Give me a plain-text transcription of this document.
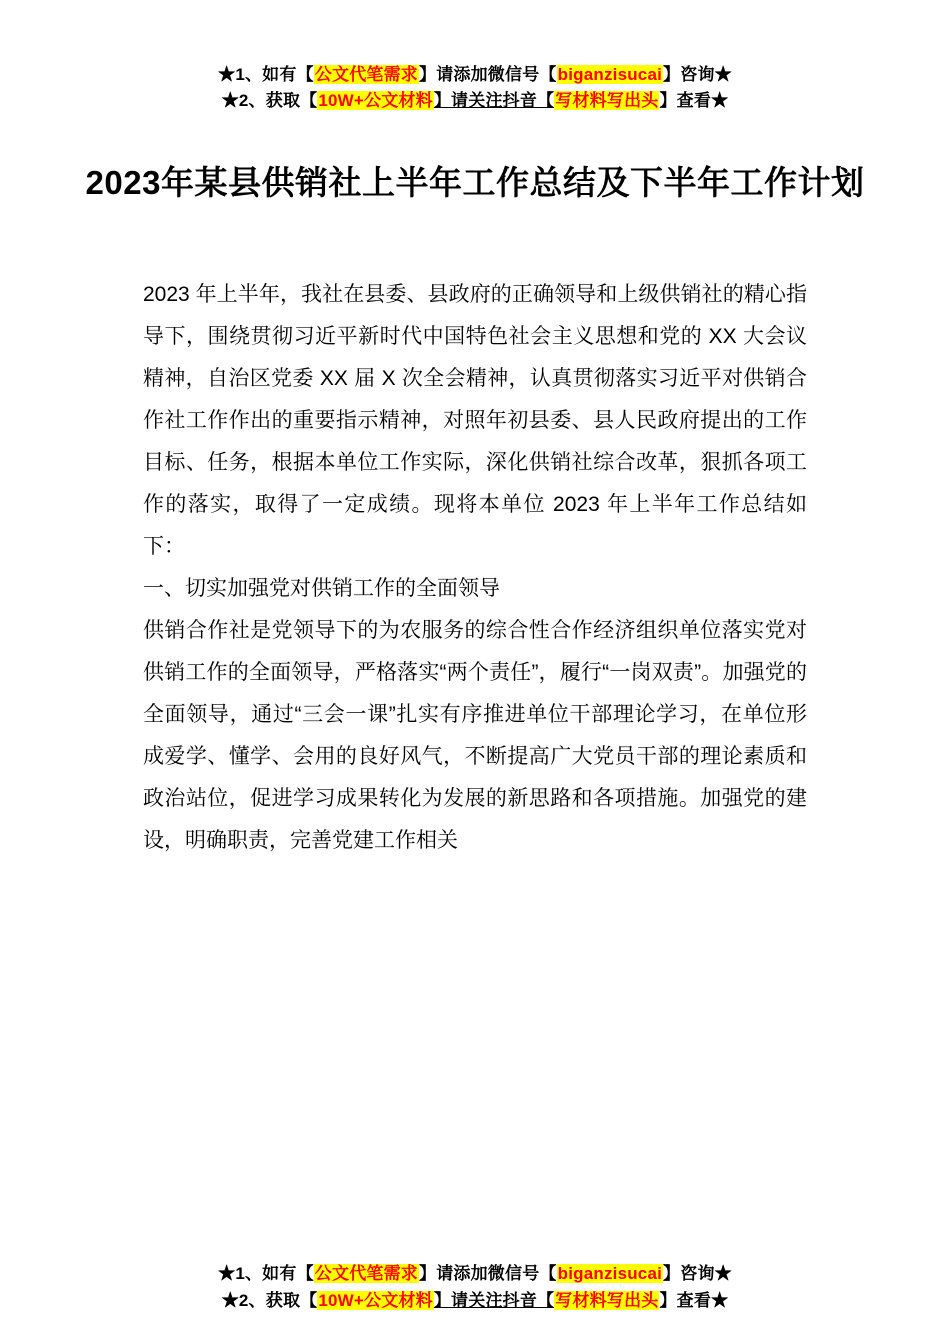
★1、如有【公文代笔需求】请添加微信号【biganzisucai】咨询★
★2、获取【10W+公文材料】请关注抖音【写材料写出头】查看★
2023年某县供销社上半年工作总结及下半年工作计划

2023 年上半年，我社在县委、县政府的正确领导和上级供销社的精心指导下，围绕贯彻习近平新时代中国特色社会主义思想和党的 XX 大会议精神，自治区党委 XX 届 X 次全会精神，认真贯彻落实习近平对供销合作社工作作出的重要指示精神，对照年初县委、县人民政府提出的工作目标、任务，根据本单位工作实际，深化供销社综合改革，狠抓各项工作的落实，取得了一定成绩。现将本单位 2023 年上半年工作总结如下：

一、切实加强党对供销工作的全面领导

供销合作社是党领导下的为农服务的综合性合作经济组织单位落实党对供销工作的全面领导，严格落实“两个责任”，履行“一岗双责”。加强党的全面领导，通过“三会一课”扎实有序推进单位干部理论学习，在单位形成爱学、懂学、会用的良好风气，不断提高广大党员干部的理论素质和政治站位，促进学习成果转化为发展的新思路和各项措施。加强党的建设，明确职责，完善党建工作相关

★1、如有【公文代笔需求】请添加微信号【biganzisucai】咨询★
★2、获取【10W+公文材料】请关注抖音【写材料写出头】查看★
